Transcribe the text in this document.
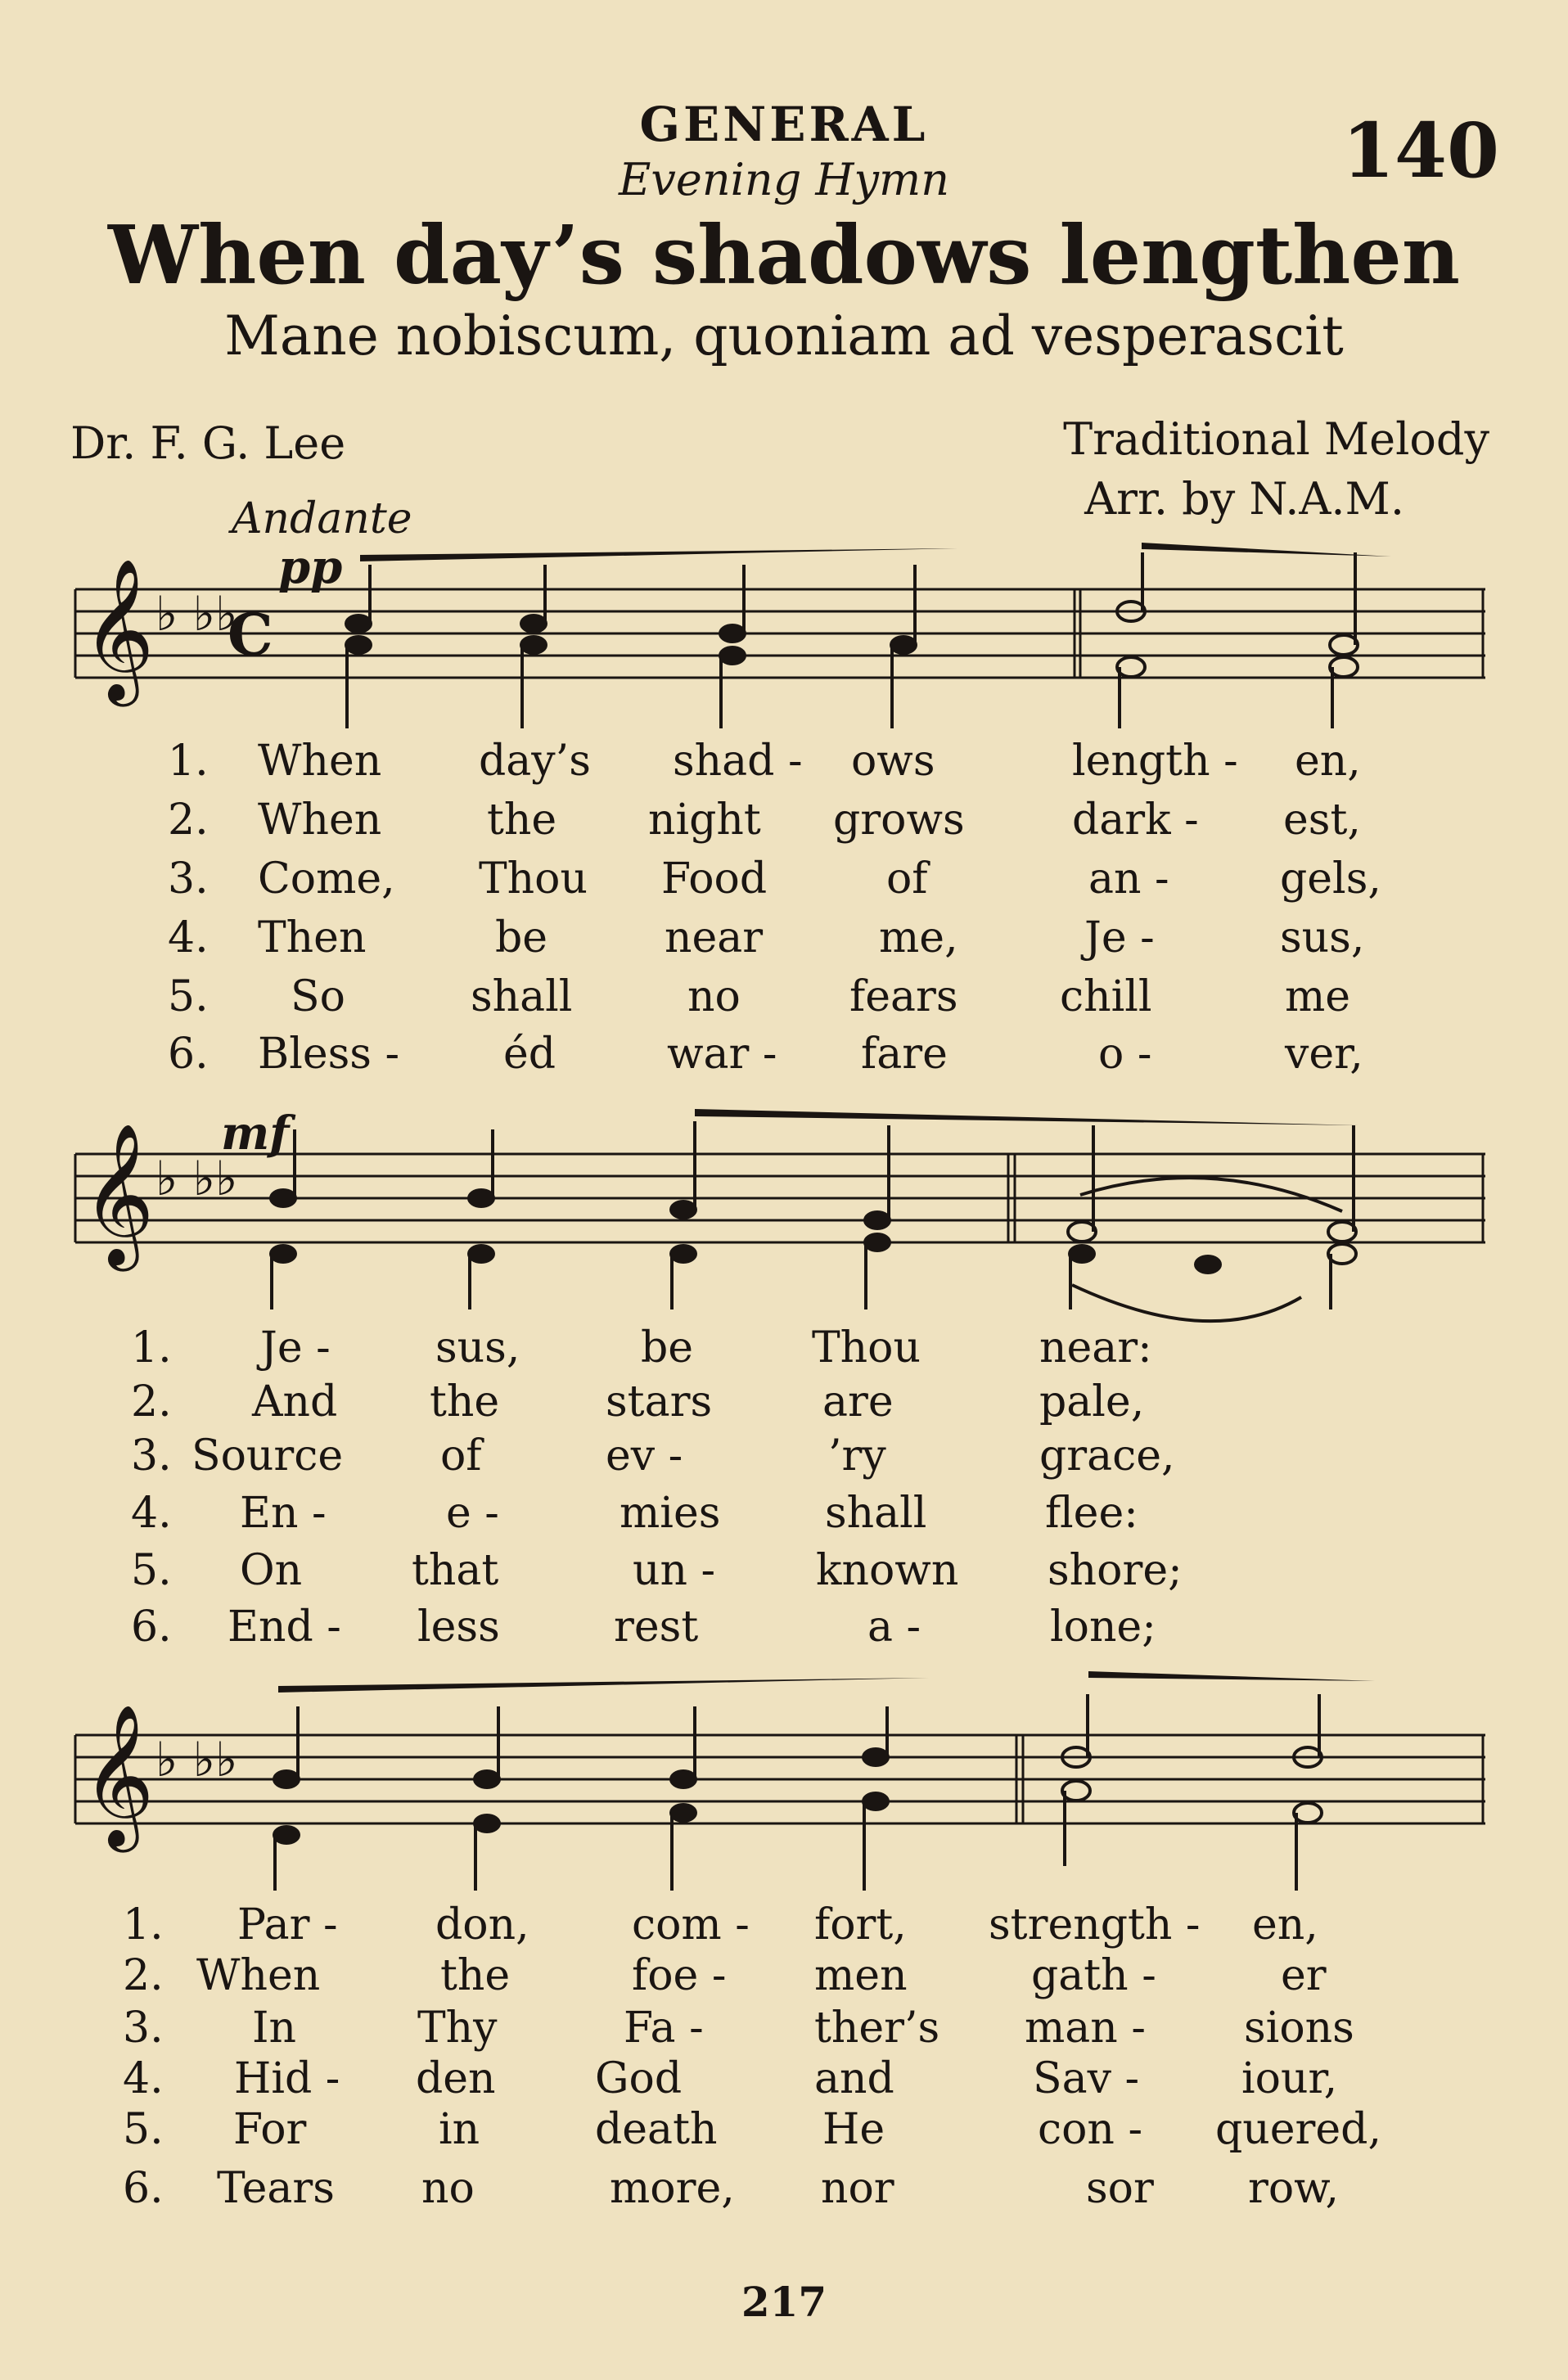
GENERAL
Evening Hymn	140
When day’s shadows lengthen
Mane nobiscum, quoniam ad vesperascit
Dr. F. G. Lee	Traditional Melody
Arr. by N.A.M.
Andante
pp
mf
𝄞 ♭ ♭♭
C
𝄞 ♭ ♭♭
𝄞 ♭ ♭♭
1. When day’s shad - ows	length - en,
2. When the night grows	dark - est,
3. Come, Thou Food	of	an -	gels,
4. Then	be	near	me,	Je -	sus,
5. So	shall	no	fears chill	me
6. Bless - éd	war - fare	o -	ver,
1. Je - sus,	be	Thou	near:
2. And the stars	are	pale,
3. Source of	ev -	’ry	grace,
4. En -	e -	mies shall	flee:
5. On	that	un - known shore;
6. End - less	rest	a -	lone;
1. Par - don, com - fort, strength - en,
2. When	the	foe - men	gath -	er
3. In	Thy	Fa -	ther’s man - sions
4. Hid - den God	and	Sav - iour,
5. For	in	death He	con - quered,
6. Tears no	more, nor	sor row,
217
